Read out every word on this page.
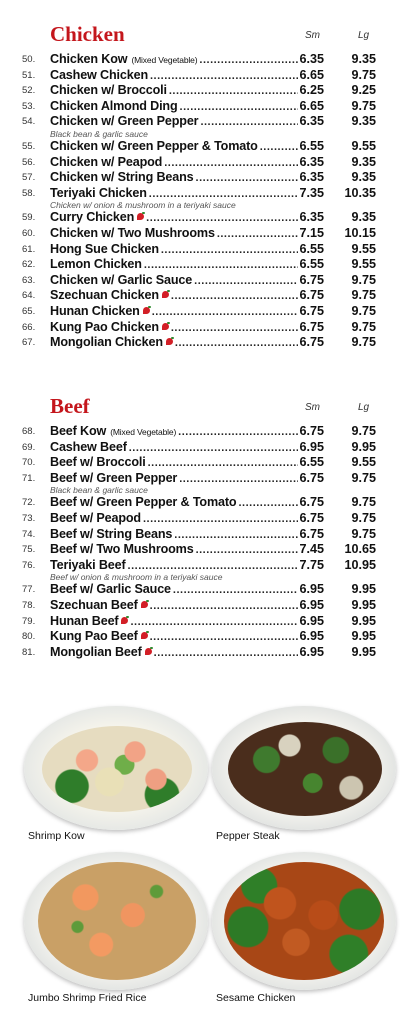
Chicken	Sm	Lg
50.	Chicken Kow (Mixed Vegetable) .....	6.35	9.35
51.	Cashew Chicken .....	6.65	9.75
52.	Chicken w/ Broccoli .....	6.25	9.25
53.	Chicken Almond Ding .....	6.65	9.75
54.	Chicken w/ Green Pepper .....	6.35	9.35
Black bean & garlic sauce
55.	Chicken w/ Green Pepper & Tomato .....	6.55	9.55
56.	Chicken w/ Peapod .....	6.35	9.35
57.	Chicken w/ String Beans .....	6.35	9.35
58.	Teriyaki Chicken .....	7.35	10.35
Chicken w/ onion & mushroom in a teriyaki sauce
59.	Curry Chicken .....	6.35	9.35
60.	Chicken w/ Two Mushrooms .....	7.15	10.15
61.	Hong Sue Chicken .....	6.55	9.55
62.	Lemon Chicken .....	6.55	9.55
63.	Chicken w/ Garlic Sauce .....	6.75	9.75
64.	Szechuan Chicken .....	6.75	9.75
65.	Hunan Chicken .....	6.75	9.75
66.	Kung Pao Chicken .....	6.75	9.75
67.	Mongolian Chicken .....	6.75	9.75
Beef	Sm	Lg
68.	Beef Kow (Mixed Vegetable) .....	6.75	9.75
69.	Cashew Beef .....	6.95	9.95
70.	Beef w/ Broccoli .....	6.55	9.55
71.	Beef w/ Green Pepper .....	6.75	9.75
Black bean & garlic sauce
72.	Beef w/ Green Pepper & Tomato .....	6.75	9.75
73.	Beef w/ Peapod .....	6.75	9.75
74.	Beef w/ String Beans .....	6.75	9.75
75.	Beef w/ Two Mushrooms .....	7.45	10.65
76.	Teriyaki Beef .....	7.75	10.95
Beef w/ onion & mushroom in a teriyaki sauce
77.	Beef w/ Garlic Sauce .....	6.95	9.95
78.	Szechuan Beef .....	6.95	9.95
79.	Hunan Beef .....	6.95	9.95
80.	Kung Pao Beef .....	6.95	9.95
81.	Mongolian Beef .....	6.95	9.95
Shrimp Kow	Pepper Steak
Jumbo Shrimp Fried Rice	Sesame Chicken
